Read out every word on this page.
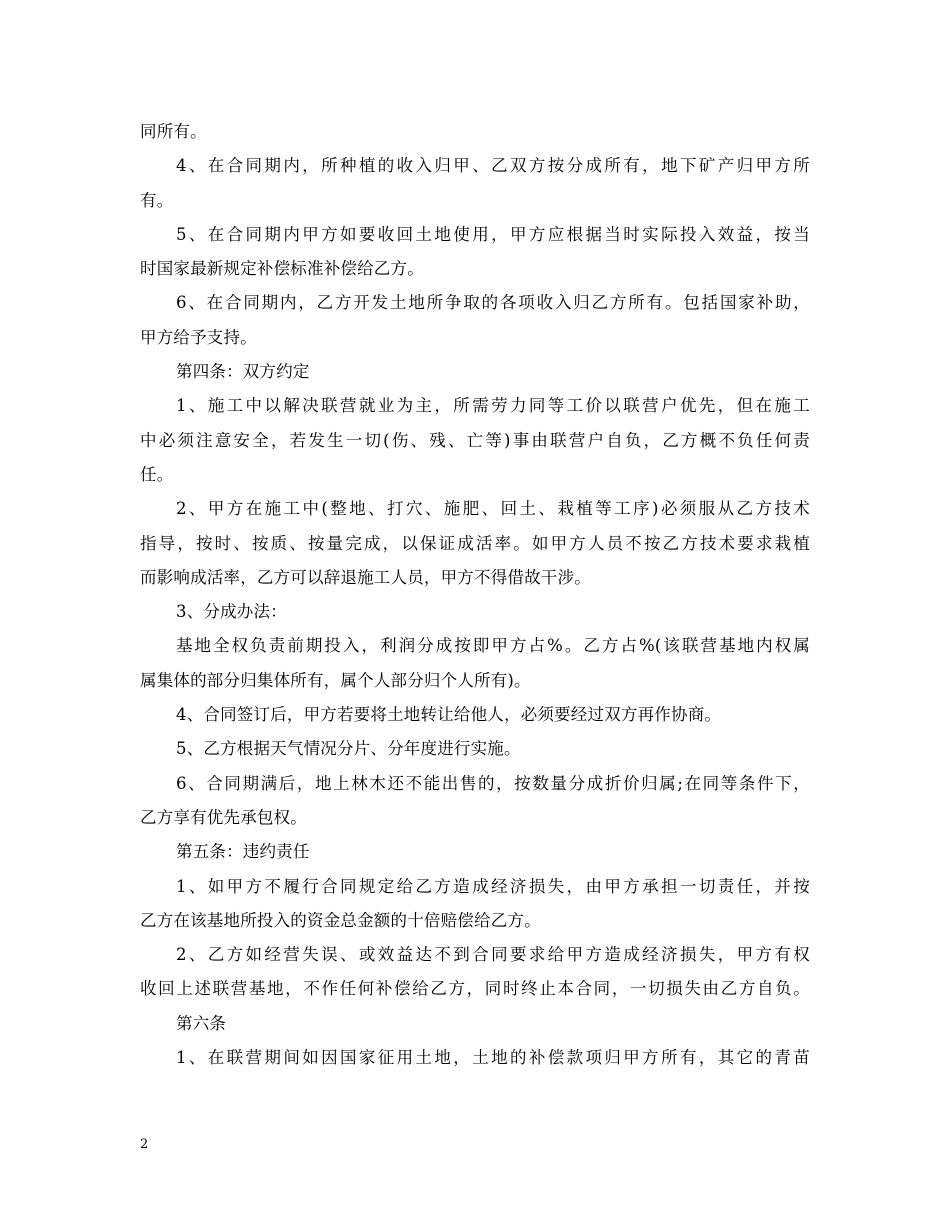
同所有。
4、在合同期内，所种植的收入归甲、乙双方按分成所有，地下矿产归甲方所
有。
5、在合同期内甲方如要收回土地使用，甲方应根据当时实际投入效益，按当
时国家最新规定补偿标准补偿给乙方。
6、在合同期内，乙方开发土地所争取的各项收入归乙方所有。包括国家补助，
甲方给予支持。
第四条：双方约定
1、施工中以解决联营就业为主，所需劳力同等工价以联营户优先，但在施工
中必须注意安全，若发生一切(伤、残、亡等)事由联营户自负，乙方概不负任何责
任。
2、甲方在施工中(整地、打穴、施肥、回土、栽植等工序)必须服从乙方技术
指导，按时、按质、按量完成，以保证成活率。如甲方人员不按乙方技术要求栽植
而影响成活率，乙方可以辞退施工人员，甲方不得借故干涉。
3、分成办法：
基地全权负责前期投入，利润分成按即甲方占%。乙方占%(该联营基地内权属
属集体的部分归集体所有，属个人部分归个人所有)。
4、合同签订后，甲方若要将土地转让给他人，必须要经过双方再作协商。
5、乙方根据天气情况分片、分年度进行实施。
6、合同期满后，地上林木还不能出售的，按数量分成折价归属;在同等条件下，
乙方享有优先承包权。
第五条：违约责任
1、如甲方不履行合同规定给乙方造成经济损失，由甲方承担一切责任，并按
乙方在该基地所投入的资金总金额的十倍赔偿给乙方。
2、乙方如经营失误、或效益达不到合同要求给甲方造成经济损失，甲方有权
收回上述联营基地，不作任何补偿给乙方，同时终止本合同，一切损失由乙方自负。
第六条
1、在联营期间如因国家征用土地，土地的补偿款项归甲方所有，其它的青苗
2
